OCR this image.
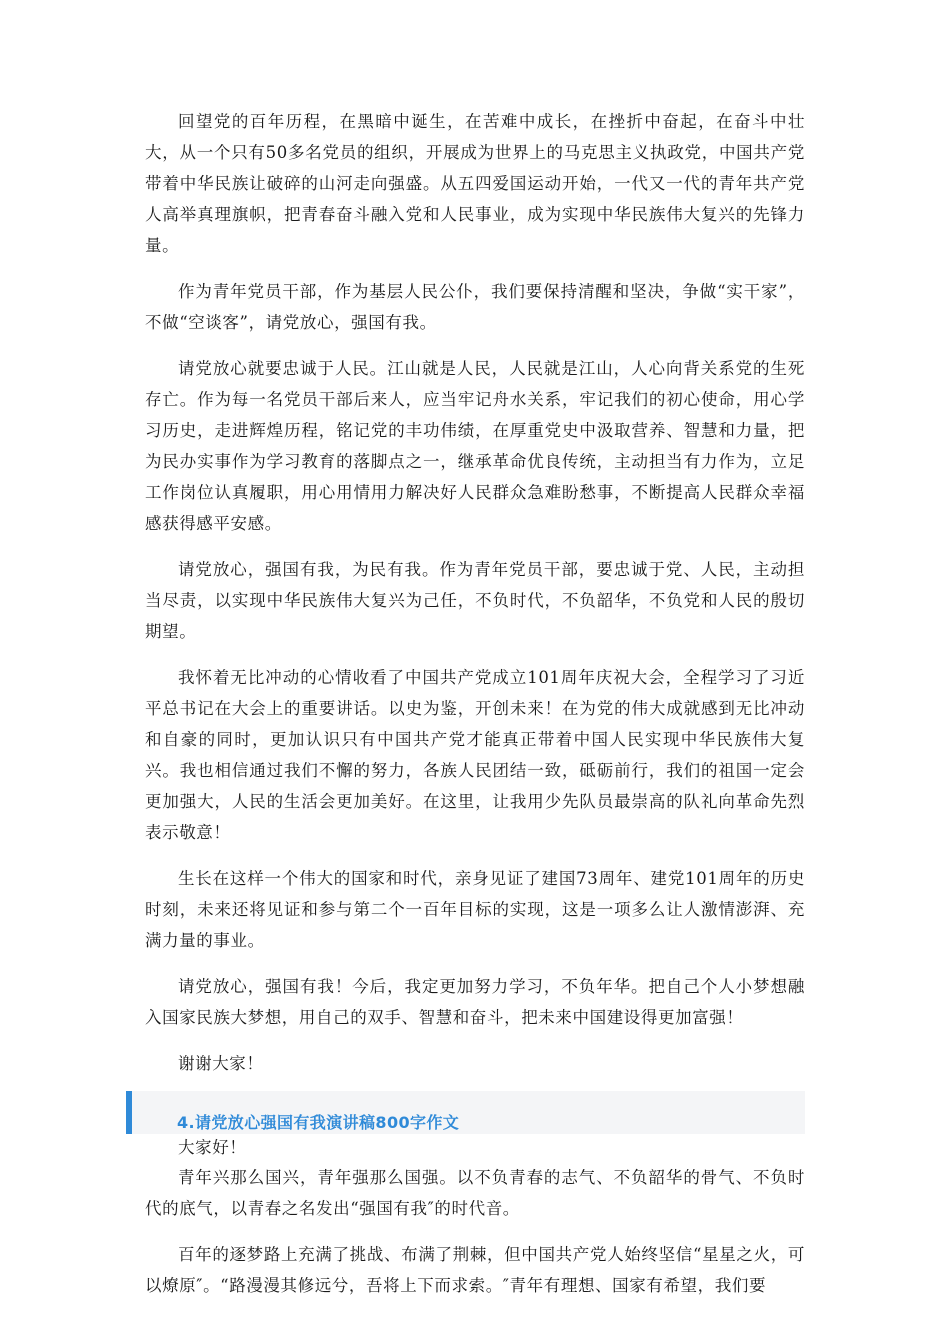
回望党的百年历程，在黑暗中诞生，在苦难中成长，在挫折中奋起，在奋斗中壮大，从一个只有50多名党员的组织，开展成为世界上的马克思主义执政党，中国共产党带着中华民族让破碎的山河走向强盛。从五四爱国运动开始，一代又一代的青年共产党人高举真理旗帜，把青春奋斗融入党和人民事业，成为实现中华民族伟大复兴的先锋力量。

作为青年党员干部，作为基层人民公仆，我们要保持清醒和坚决，争做“实干家”，不做“空谈客”，请党放心，强国有我。

请党放心就要忠诚于人民。江山就是人民，人民就是江山，人心向背关系党的生死存亡。作为每一名党员干部后来人，应当牢记舟水关系，牢记我们的初心使命，用心学习历史，走进辉煌历程，铭记党的丰功伟绩，在厚重党史中汲取营养、智慧和力量，把为民办实事作为学习教育的落脚点之一，继承革命优良传统，主动担当有力作为，立足工作岗位认真履职，用心用情用力解决好人民群众急难盼愁事，不断提高人民群众幸福感获得感平安感。

请党放心，强国有我，为民有我。作为青年党员干部，要忠诚于党、人民，主动担当尽责，以实现中华民族伟大复兴为己任，不负时代，不负韶华，不负党和人民的殷切期望。

我怀着无比冲动的心情收看了中国共产党成立101周年庆祝大会，全程学习了习近平总书记在大会上的重要讲话。以史为鉴，开创未来！在为党的伟大成就感到无比冲动和自豪的同时，更加认识只有中国共产党才能真正带着中国人民实现中华民族伟大复兴。我也相信通过我们不懈的努力，各族人民团结一致，砥砺前行，我们的祖国一定会更加强大，人民的生活会更加美好。在这里，让我用少先队员最崇高的队礼向革命先烈表示敬意！

生长在这样一个伟大的国家和时代，亲身见证了建国73周年、建党101周年的历史时刻，未来还将见证和参与第二个一百年目标的实现，这是一项多么让人激情澎湃、充满力量的事业。

请党放心，强国有我！今后，我定更加努力学习，不负年华。把自己个人小梦想融入国家民族大梦想，用自己的双手、智慧和奋斗，把未来中国建设得更加富强！

谢谢大家！

4.请党放心强国有我演讲稿800字作文

大家好！

青年兴那么国兴，青年强那么国强。以不负青春的志气、不负韶华的骨气、不负时代的底气，以青春之名发出“强国有我″的时代音。

百年的逐梦路上充满了挑战、布满了荆棘，但中国共产党人始终坚信“星星之火，可以燎原″。“路漫漫其修远兮，吾将上下而求索。″青年有理想、国家有希望，我们要
